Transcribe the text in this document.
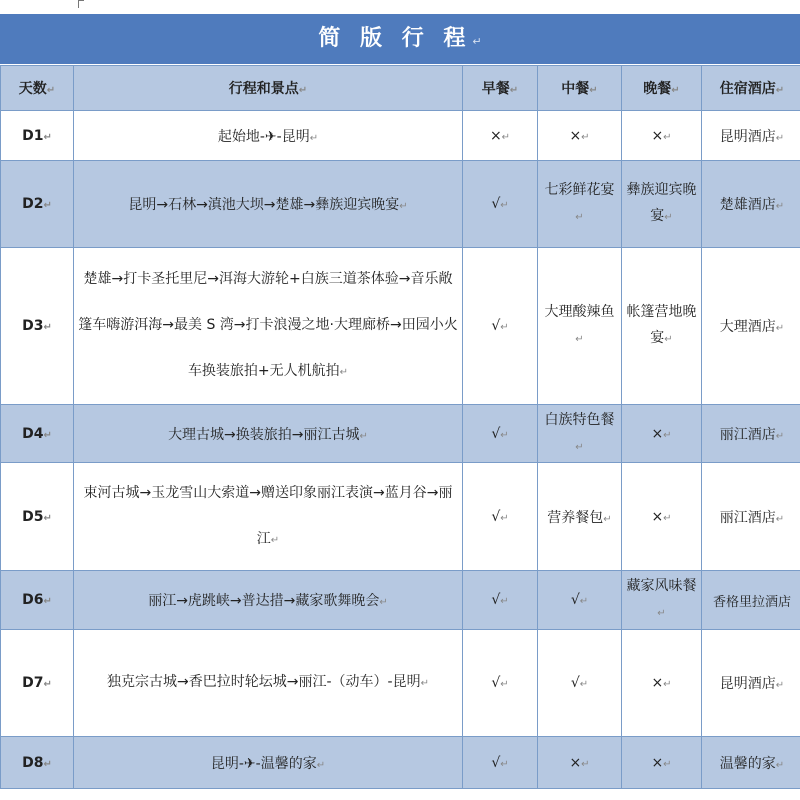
简 版 行 程↵
天数↵	行程和景点↵	早餐↵	中餐↵	晚餐↵	住宿酒店↵
D1↵	起始地-✈-昆明↵	×↵	×↵	×↵	昆明酒店↵
D2↵	昆明→石林→滇池大坝→楚雄→彝族迎宾晚宴↵	√↵	七彩鲜花宴↵	彝族迎宾晚宴↵	楚雄酒店↵
D3↵	楚雄→打卡圣托里尼→洱海大游轮+白族三道茶体验→音乐敞篷车嗨游洱海→最美 S 湾→打卡浪漫之地·大理廊桥→田园小火车换装旅拍+无人机航拍↵	√↵	大理酸辣鱼↵	帐篷营地晚宴↵	大理酒店↵
D4↵	大理古城→换装旅拍→丽江古城↵	√↵	白族特色餐↵	×↵	丽江酒店↵
D5↵	束河古城→玉龙雪山大索道→赠送印象丽江表演→蓝月谷→丽江↵	√↵	营养餐包↵	×↵	丽江酒店↵
D6↵	丽江→虎跳峡→普达措→藏家歌舞晚会↵	√↵	√↵	藏家风味餐↵	香格里拉酒店
D7↵	独克宗古城→香巴拉时轮坛城→丽江-（动车）-昆明↵	√↵	√↵	×↵	昆明酒店↵
D8↵	昆明-✈-温馨的家↵	√↵	×↵	×↵	温馨的家↵
